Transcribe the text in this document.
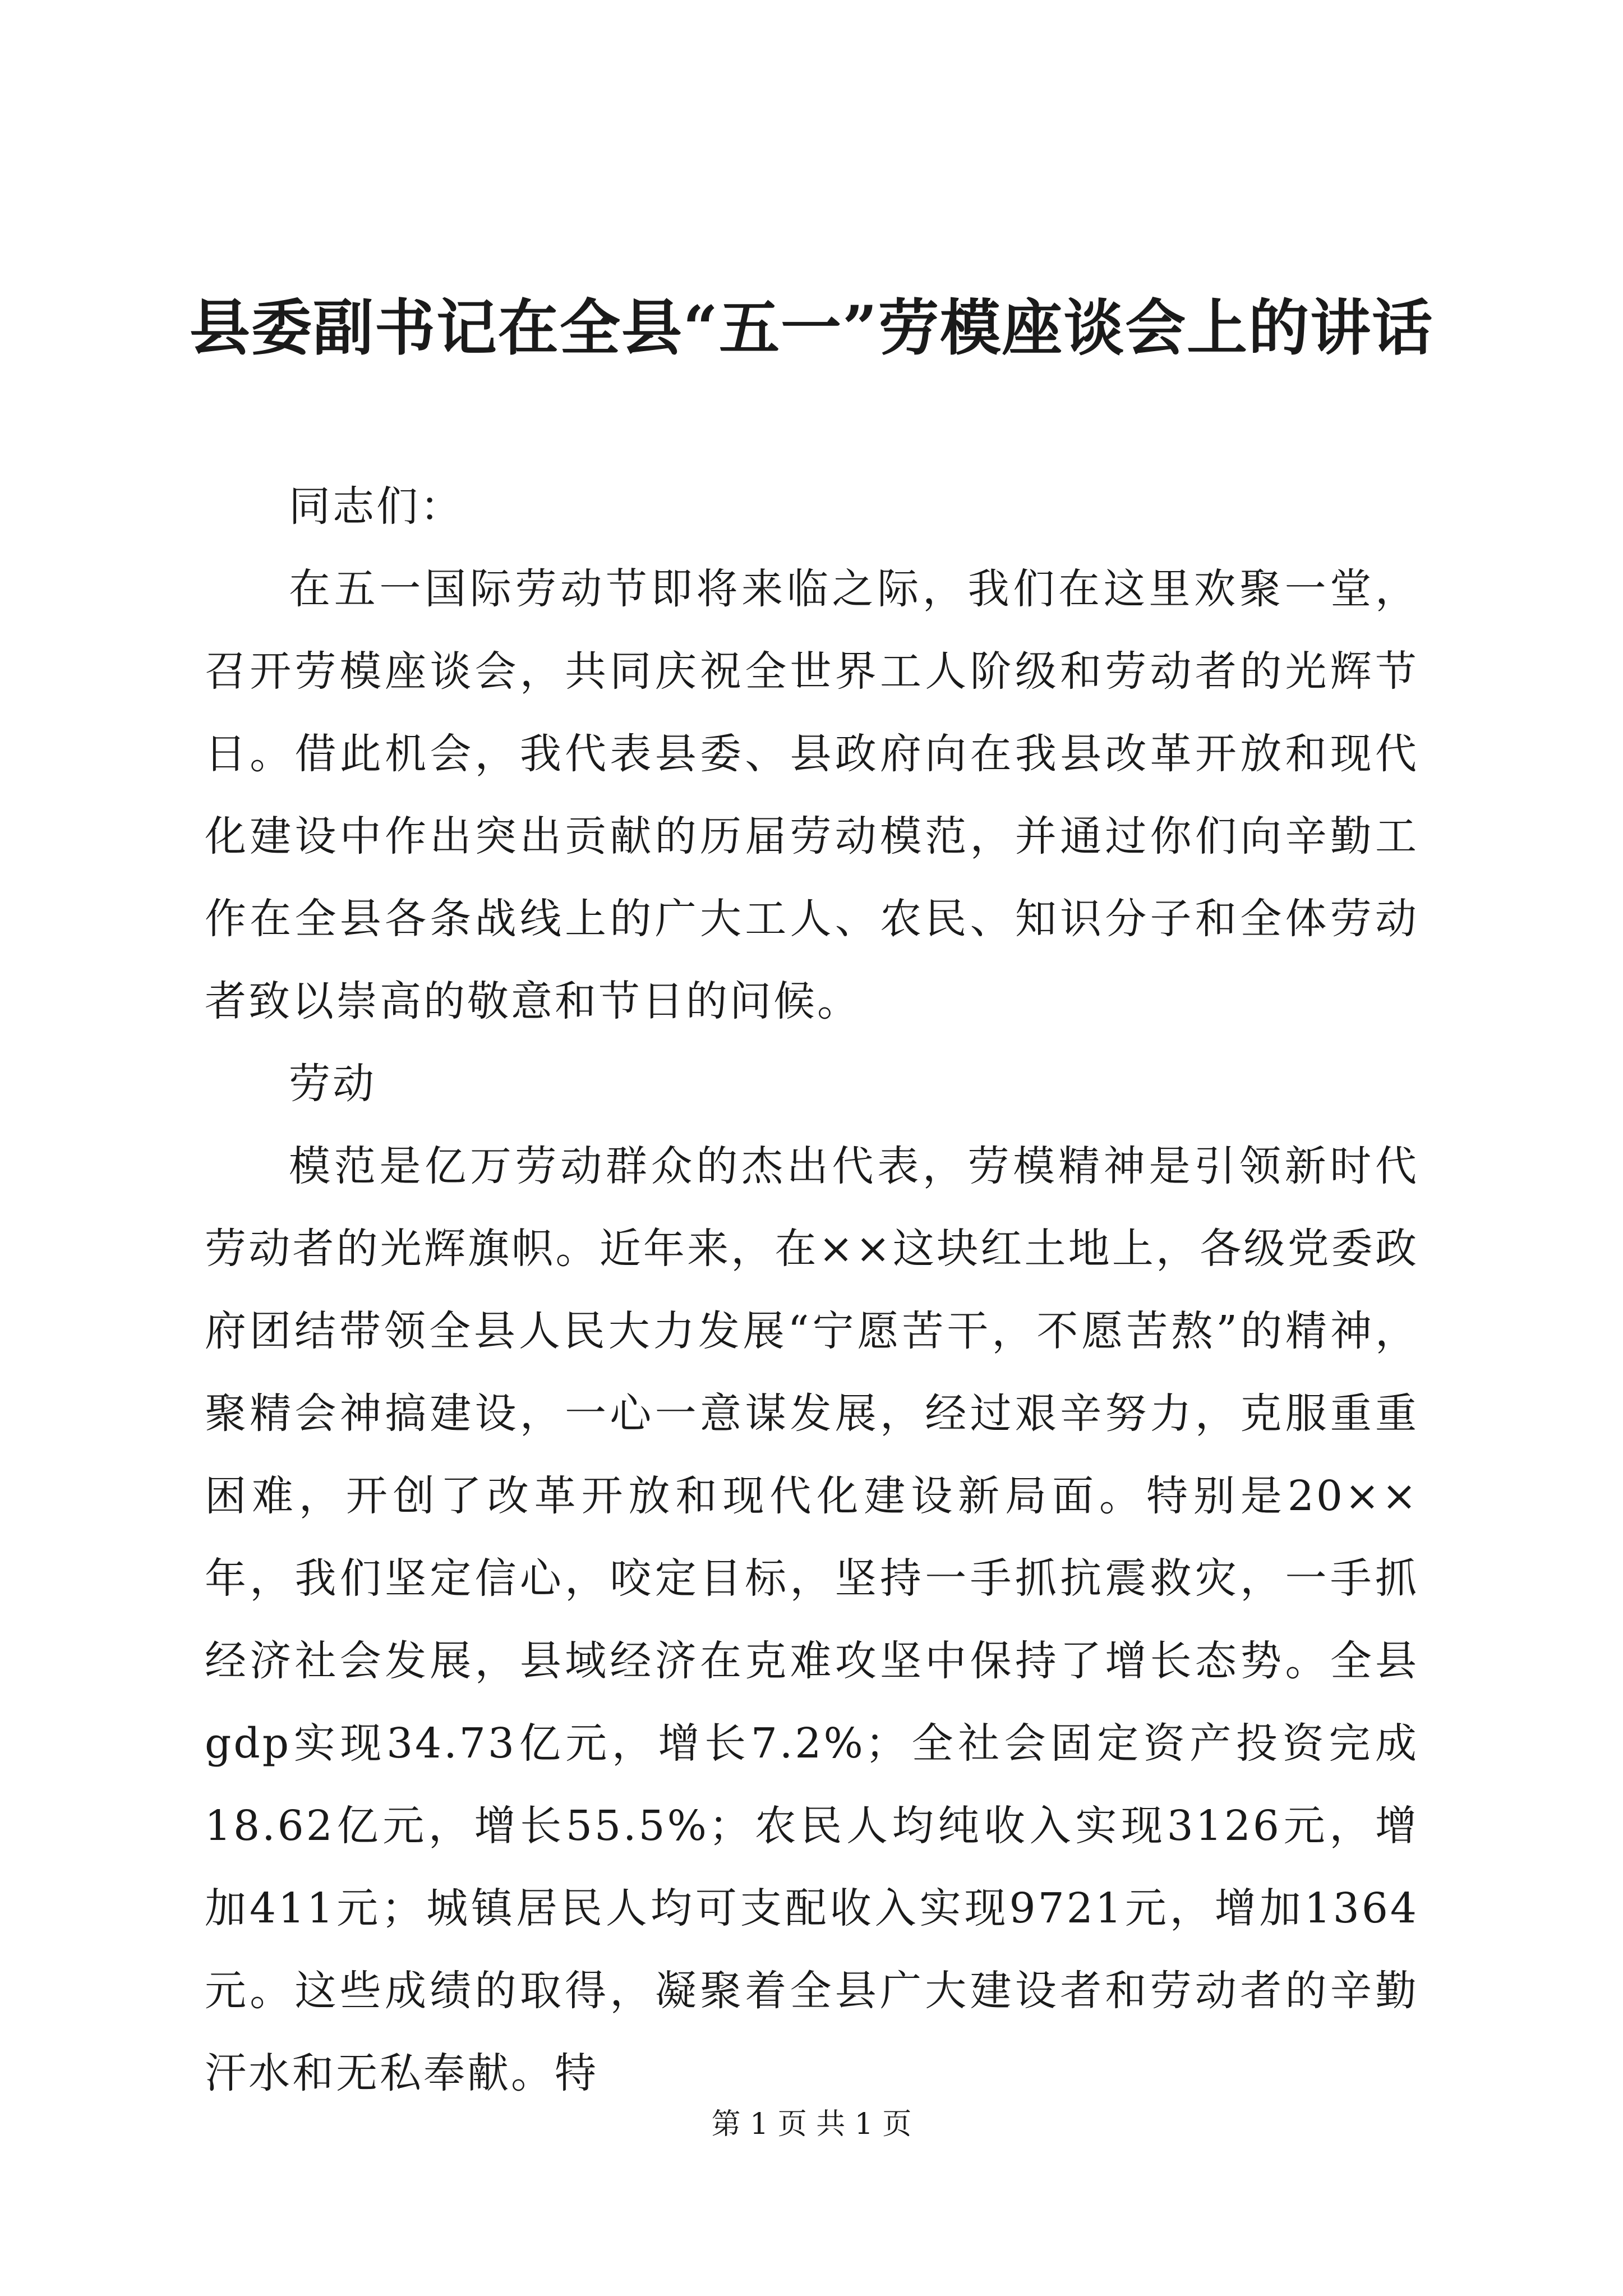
县委副书记在全县“五一”劳模座谈会上的讲话

同志们：

在五一国际劳动节即将来临之际，我们在这里欢聚一堂，召开劳模座谈会，共同庆祝全世界工人阶级和劳动者的光辉节日。借此机会，我代表县委、县政府向在我县改革开放和现代化建设中作出突出贡献的历届劳动模范，并通过你们向辛勤工作在全县各条战线上的广大工人、农民、知识分子和全体劳动者致以崇高的敬意和节日的问候。

劳动

模范是亿万劳动群众的杰出代表，劳模精神是引领新时代劳动者的光辉旗帜。近年来，在××这块红土地上，各级党委政府团结带领全县人民大力发展“宁愿苦干，不愿苦熬”的精神，聚精会神搞建设，一心一意谋发展，经过艰辛努力，克服重重困难，开创了改革开放和现代化建设新局面。特别是20××年，我们坚定信心，咬定目标，坚持一手抓抗震救灾，一手抓经济社会发展，县域经济在克难攻坚中保持了增长态势。全县gdp实现34.73亿元，增长7.2%；全社会固定资产投资完成18.62亿元，增长55.5%；农民人均纯收入实现3126元，增加411元；城镇居民人均可支配收入实现9721元，增加1364元。这些成绩的取得，凝聚着全县广大建设者和劳动者的辛勤汗水和无私奉献。特

第 1 页 共 1 页
